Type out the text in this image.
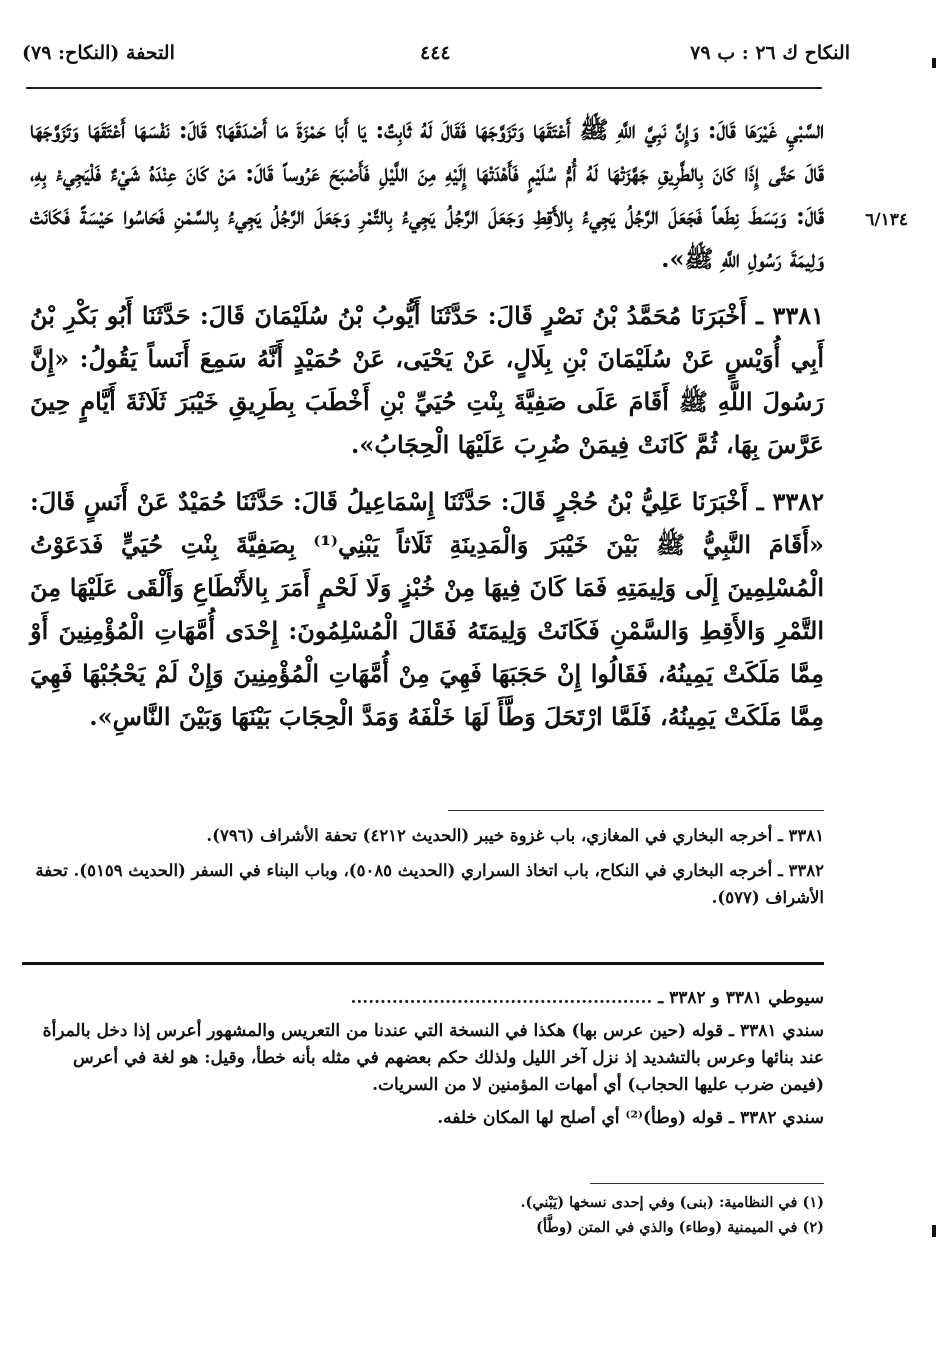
النكاح ك ٢٦ : ب ٧٩
٤٤٤
التحفة (النكاح: ٧٩)
٦/١٣٤

السَّبْيِ غَيْرَهَا قَالَ: وَإِنَّ نَبِيَّ اللَّهِ ﷺ أَعْتَقَهَا وَتَزَوَّجَهَا فَقَالَ لَهُ ثَابِتٌ: يَا أَبَا حَمْزَةَ مَا أَصْدَقَهَا؟ قَالَ: نَفْسَهَا أَعْتَقَهَا وَتَزَوَّجَهَا قَالَ حَتَّى إِذَا كَانَ بِالطَّرِيقِ جَهَّزَتْهَا لَهُ أُمُّ سُلَيْمٍ فَأَهْدَتْهَا إِلَيْهِ مِنَ اللَّيْلِ فَأَصْبَحَ عَرُوساً قَالَ: مَنْ كَانَ عِنْدَهُ شَيْءٌ فَلْيَجِيءْ بِهِ، قَالَ: وَبَسَطَ نِطَعاً فَجَعَلَ الرَّجُلُ يَجِيءُ بِالأَقِطِ وَجَعَلَ الرَّجُلُ يَجِيءُ بِالتَّمْرِ وَجَعَلَ الرَّجُلُ يَجِيءُ بِالسَّمْنِ فَحَاسُوا حَيْسَةً فَكَانَتْ وَلِيمَةَ رَسُولِ اللَّهِ ﷺ».

٣٣٨١ ـ أَخْبَرَنَا مُحَمَّدُ بْنُ نَصْرٍ قَالَ: حَدَّثَنَا أَيُّوبُ بْنُ سُلَيْمَانَ قَالَ: حَدَّثَنَا أَبُو بَكْرِ بْنُ أَبِي أُوَيْسٍ عَنْ سُلَيْمَانَ بْنِ بِلَالٍ، عَنْ يَحْيَى، عَنْ حُمَيْدٍ أَنَّهُ سَمِعَ أَنَساً يَقُولُ: «إِنَّ رَسُولَ اللَّهِ ﷺ أَقَامَ عَلَى صَفِيَّةَ بِنْتِ حُيَيِّ بْنِ أَخْطَبَ بِطَرِيقِ خَيْبَرَ ثَلَاثَةَ أَيَّامٍ حِينَ عَرَّسَ بِهَا، ثُمَّ كَانَتْ فِيمَنْ ضُرِبَ عَلَيْهَا الْحِجَابُ».

٣٣٨٢ ـ أَخْبَرَنَا عَلِيُّ بْنُ حُجْرٍ قَالَ: حَدَّثَنَا إِسْمَاعِيلُ قَالَ: حَدَّثَنَا حُمَيْدٌ عَنْ أَنَسٍ قَالَ: «أَقَامَ النَّبِيُّ ﷺ بَيْنَ خَيْبَرَ وَالْمَدِينَةِ ثَلَاثاً يَبْنِي⁽¹⁾ بِصَفِيَّةَ بِنْتِ حُيَيٍّ فَدَعَوْتُ الْمُسْلِمِينَ إِلَى وَلِيمَتِهِ فَمَا كَانَ فِيهَا مِنْ خُبْزٍ وَلَا لَحْمٍ أَمَرَ بِالأَنْطَاعِ وَأَلْقَى عَلَيْهَا مِنَ التَّمْرِ وَالأَقِطِ وَالسَّمْنِ فَكَانَتْ وَلِيمَتَهُ فَقَالَ الْمُسْلِمُونَ: إِحْدَى أُمَّهَاتِ الْمُؤْمِنِينَ أَوْ مِمَّا مَلَكَتْ يَمِينُهُ، فَقَالُوا إِنْ حَجَبَهَا فَهِيَ مِنْ أُمَّهَاتِ الْمُؤْمِنِينَ وَإِنْ لَمْ يَحْجُبْهَا فَهِيَ مِمَّا مَلَكَتْ يَمِينُهُ، فَلَمَّا ارْتَحَلَ وَطَّأَ لَهَا خَلْفَهُ وَمَدَّ الْحِجَابَ بَيْنَهَا وَبَيْنَ النَّاسِ».

٣٣٨١ ـ أخرجه البخاري في المغازي، باب غزوة خيبر (الحديث ٤٢١٢) تحفة الأشراف (٧٩٦).

٣٣٨٢ ـ أخرجه البخاري في النكاح، باب اتخاذ السراري (الحديث ٥٠٨٥)، وباب البناء في السفر (الحديث ٥١٥٩). تحفة الأشراف (٥٧٧).

سيوطي ٣٣٨١ و ٣٣٨٢ ـ ...................................................

سندي ٣٣٨١ ـ قوله (حين عرس بها) هكذا في النسخة التي عندنا من التعريس والمشهور أعرس إذا دخل بالمرأة عند بنائها وعرس بالتشديد إذ نزل آخر الليل ولذلك حكم بعضهم في مثله بأنه خطأ، وقيل: هو لغة في أعرس (فيمن ضرب عليها الحجاب) أي أمهات المؤمنين لا من السريات.

سندي ٣٣٨٢ ـ قوله (وطأ)⁽²⁾ أي أصلح لها المكان خلفه.

(١) في النظامية: (بنى) وفي إحدى نسخها (يَبْني).

(٢) في الميمنية (وطاء) والذي في المتن (وطَّأ)
